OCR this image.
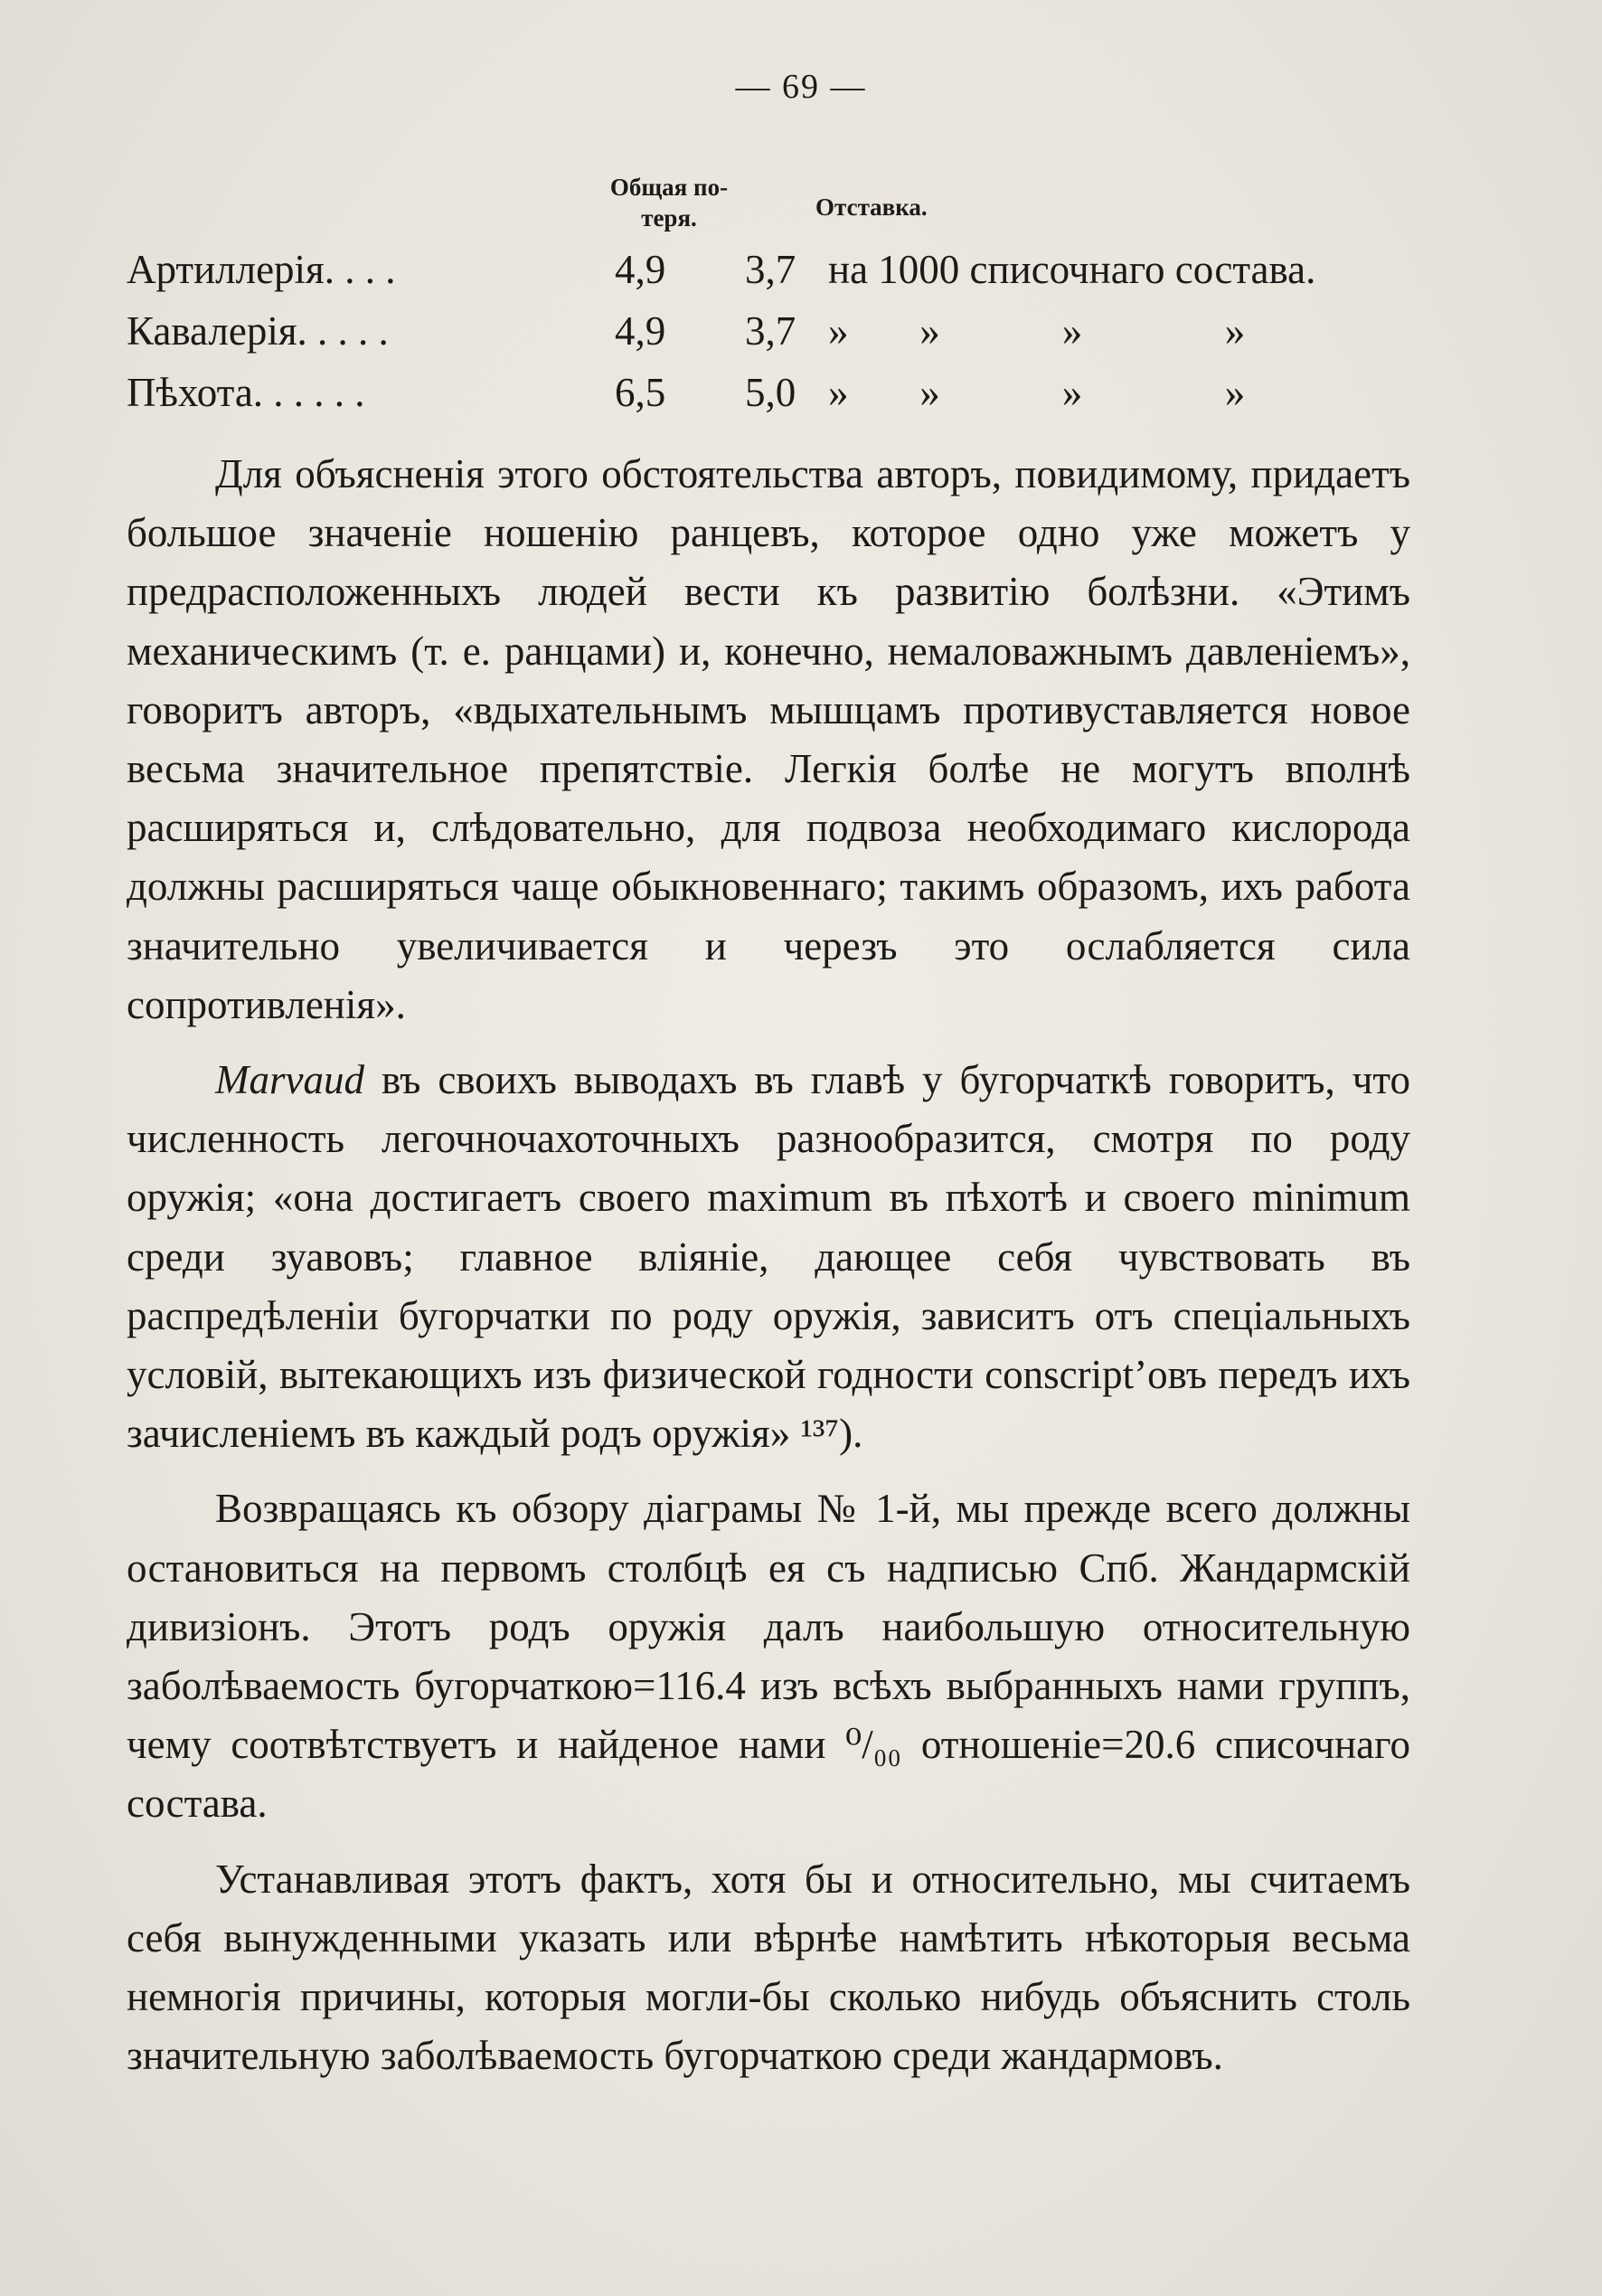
— 69 —
Общая по-
теря.	Отставка.
Артиллерія. . . .	4,9 3,7 на 1000 списочнаго состава.
Кавалерія. . . . .	4,9 3,7 »       »            »              »
Пѣхота. . . . . .	6,5 5,0 »       »            »              »

Для объясненія этого обстоятельства авторъ, повидимому, придаетъ большое значеніе ношенію ранцевъ, которое одно уже можетъ у предрасположенныхъ людей вести къ развитію болѣзни. «Этимъ механическимъ (т. е. ранцами) и, конечно, немаловажнымъ давленіемъ», говоритъ авторъ, «вдыхательнымъ мышцамъ противуставляется новое весьма значительное препятствіе. Легкія болѣе не могутъ вполнѣ расширяться и, слѣдовательно, для подвоза необходимаго кислорода должны расширяться чаще обыкновеннаго; такимъ образомъ, ихъ работа значительно увеличивается и черезъ это ослабляется сила сопротивленія».

Marvaud въ своихъ выводахъ въ главѣ у бугорчаткѣ говоритъ, что численность легочночахоточныхъ разнообразится, смотря по роду оружія; «она достигаетъ своего maximum въ пѣхотѣ и своего minimum среди зуавовъ; главное вліяніе, дающее себя чувствовать въ распредѣленіи бугорчатки по роду оружія, зависитъ отъ спеціальныхъ условій, вытекающихъ изъ физической годности conscript’овъ передъ ихъ зачисленіемъ въ каждый родъ оружія» ¹³⁷).

Возвращаясь къ обзору діаграмы № 1-й, мы прежде всего должны остановиться на первомъ столбцѣ ея съ надписью Спб. Жандармскій дивизіонъ. Этотъ родъ оружія далъ наибольшую относительную заболѣваемость бугорчаткою=116.4 изъ всѣхъ выбранныхъ нами группъ, чему соотвѣтствуетъ и найденое нами ⁰/₀₀ отношеніе=20.6 списочнаго состава.

Устанавливая этотъ фактъ, хотя бы и относительно, мы считаемъ себя вынужденными указать или вѣрнѣе намѣтить нѣкоторыя весьма немногія причины, которыя могли-бы сколько нибудь объяснить столь значительную заболѣваемость бугорчаткою среди жандармовъ.
